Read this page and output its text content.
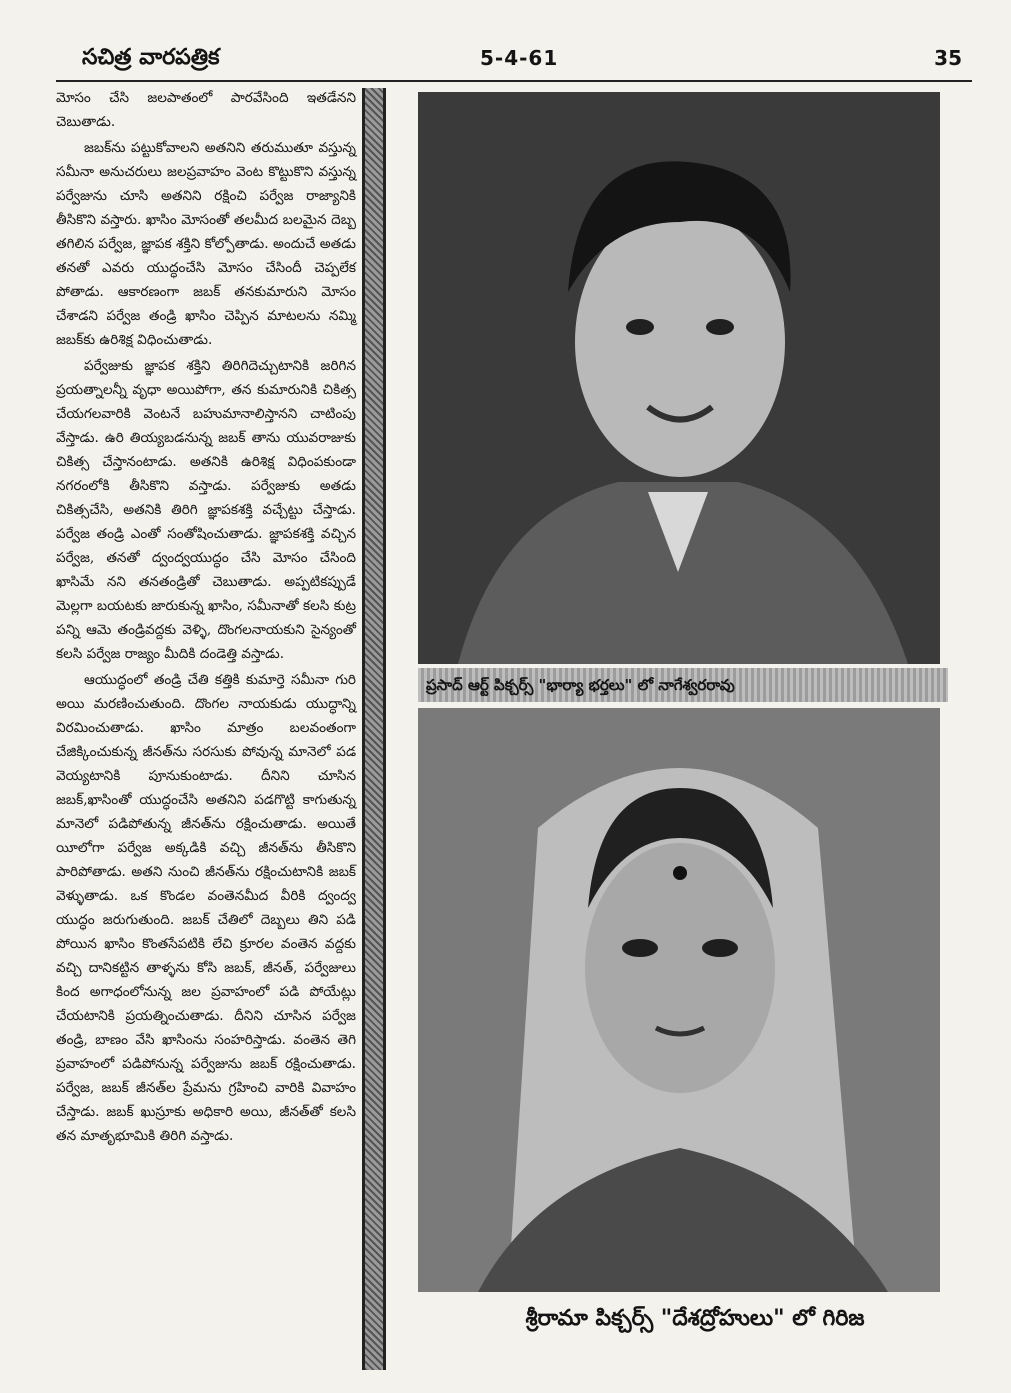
సచిత్ర వారపత్రిక	5-4-61	35

మోసం చేసి జలపాతంలో పారవేసింది ఇతడేనని చెబుతాడు.

జబక్‌ను పట్టుకోవాలని అతనిని తరుముతూ వస్తున్న సమీనా అనుచరులు జలప్రవాహం వెంట కొట్టుకొని వస్తున్న పర్వేజును చూసి అతనిని రక్షించి పర్వేజ రాజ్యానికి తీసికొని వస్తారు. ఖాసిం మోసంతో తలమీద బలమైన దెబ్బ తగిలిన పర్వేజ, జ్ఞాపక శక్తిని కోల్పోతాడు. అందుచే అతడు తనతో ఎవరు యుద్ధంచేసి మోసం చేసిందీ చెప్పలేక పోతాడు. ఆకారణంగా జబక్ తనకుమారుని మోసం చేశాడని పర్వేజ తండ్రి ఖాసిం చెప్పిన మాటలను నమ్మి జబక్‌కు ఉరిశిక్ష విధించుతాడు.

పర్వేజుకు జ్ఞాపక శక్తిని తిరిగిదెచ్చుటానికి జరిగిన ప్రయత్నాలన్నీ వృధా అయిపోగా, తన కుమారునికి చికిత్స చేయగలవారికి వెంటనే బహుమానాలిస్తానని చాటింపు వేస్తాడు. ఉరి తియ్యబడనున్న జబక్ తాను యువరాజుకు చికిత్స చేస్తానంటాడు. అతనికి ఉరిశిక్ష విధింపకుండా నగరంలోకి తీసికొని వస్తాడు. పర్వేజుకు అతడు చికిత్సచేసి, అతనికి తిరిగి జ్ఞాపకశక్తి వచ్చేట్టు చేస్తాడు. పర్వేజ తండ్రి ఎంతో సంతోషించుతాడు. జ్ఞాపకశక్తి వచ్చిన పర్వేజ, తనతో ద్వంద్వయుద్ధం చేసి మోసం చేసింది ఖాసిమే నని తనతండ్రితో చెబుతాడు. అప్పటికప్పుడే మెల్లగా బయటకు జారుకున్న ఖాసిం, సమీనాతో కలసి కుట్ర పన్ని ఆమె తండ్రివద్దకు వెళ్ళి, దొంగలనాయకుని సైన్యంతో కలసి పర్వేజ రాజ్యం మీదికి దండెత్తి వస్తాడు.

ఆయుద్ధంలో తండ్రి చేతి కత్తికి కుమార్తె సమీనా గురి అయి మరణించుతుంది. దొంగల నాయకుడు యుద్ధాన్ని విరమించుతాడు. ఖాసిం మాత్రం బలవంతంగా చేజిక్కించుకున్న జీనత్‌ను సరసుకు పోవున్న మానెలో పడ వెయ్యటానికి పూనుకుంటాడు. దీనిని చూసిన జబక్,ఖాసింతో యుద్ధంచేసి అతనిని పడగొట్టి కాగుతున్న మానెలో పడిపోతున్న జీనత్‌ను రక్షించుతాడు. అయితే యీలోగా పర్వేజ అక్కడికి వచ్చి జీనత్‌ను తీసికొని పారిపోతాడు. అతని నుంచి జీనత్‌ను రక్షించుటానికి జబక్ వెళ్ళుతాడు. ఒక కొండల వంతెనమీద వీరికి ద్వంద్వ యుద్ధం జరుగుతుంది. జబక్ చేతిలో దెబ్బలు తిని పడి పోయిన ఖాసిం కొంతసేపటికి లేచి క్రూరల వంతెన వద్దకు వచ్చి దానికట్టిన తాళ్ళను కోసి జబక్, జీనత్, పర్వేజులు కింద అగాధంలోనున్న జల ప్రవాహంలో పడి పోయేట్లు చేయటానికి ప్రయత్నించుతాడు. దీనిని చూసిన పర్వేజ తండ్రి, బాణం వేసి ఖాసింను సంహరిస్తాడు. వంతెన తెగి ప్రవాహంలో పడిపోనున్న పర్వేజును జబక్ రక్షించుతాడు. పర్వేజ, జబక్ జీనత్‌ల ప్రేమను గ్రహించి వారికి వివాహం చేస్తాడు. జబక్ ఖుస్రూకు అధికారి అయి, జీనత్‌తో కలసి తన మాతృభూమికి తిరిగి వస్తాడు.

ప్రసాద్ ఆర్ట్ పిక్చర్స్ "భార్యా భర్తలు" లో నాగేశ్వరరావు
శ్రీరామా పిక్చర్స్ "దేశద్రోహులు" లో గిరిజ
